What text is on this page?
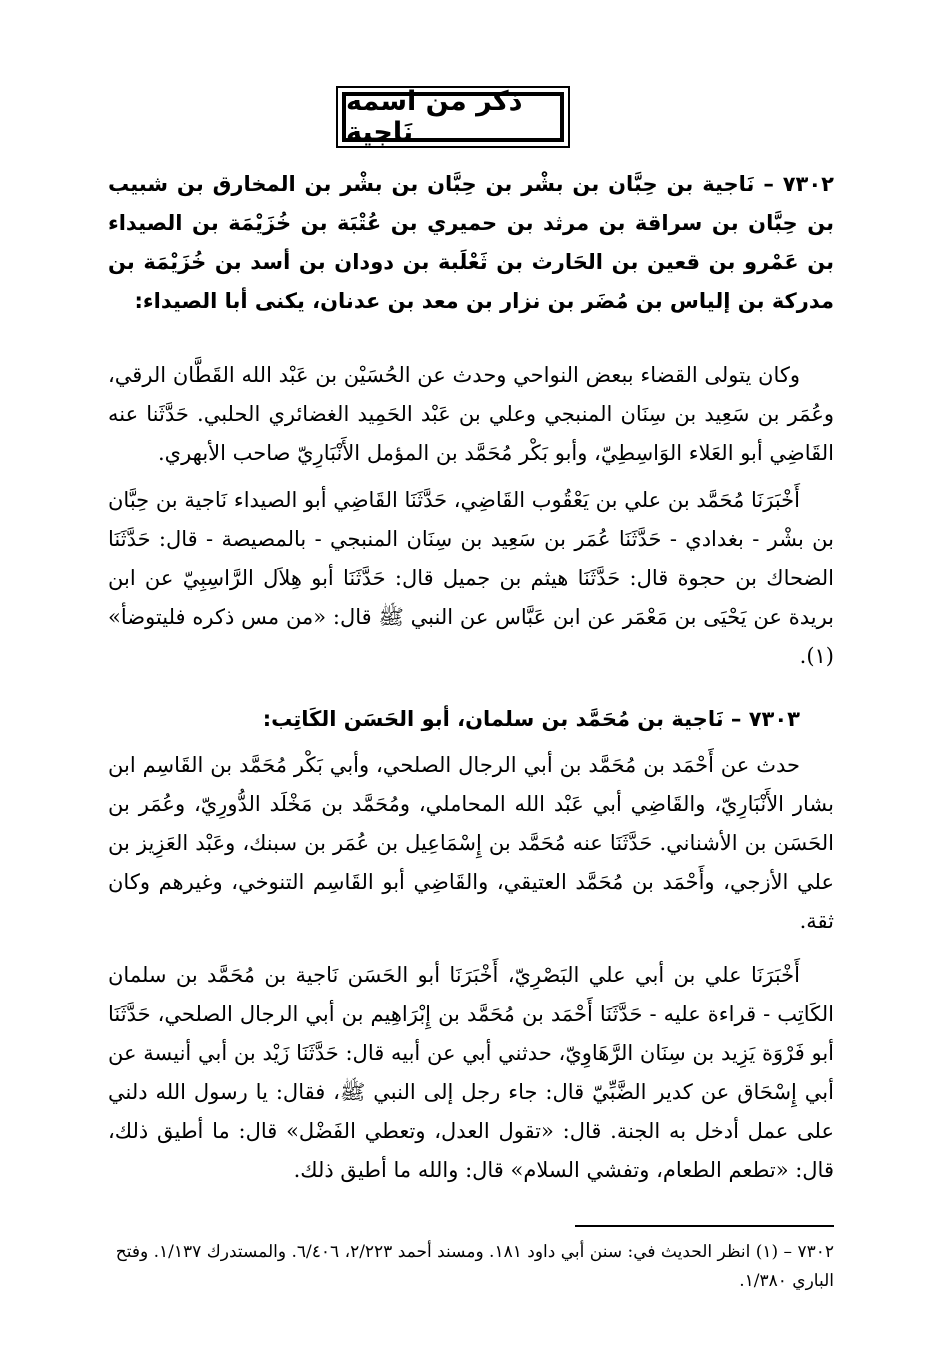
ذكر من اسمه نَاجية
٧٣٠٢ – نَاجية بن حِبَّان بن بشْر بن حِبَّان بن بشْر بن المخارق بن شبيب بن حِبَّان بن سراقة بن مرثد بن حميري بن عُتْبَة بن خُزَيْمَة بن الصيداء بن عَمْرو بن قعين بن الحَارث بن ثَعْلَبة بن دودان بن أسد بن خُزَيْمَة بن مدركة بن إلياس بن مُضَر بن نزار بن معد بن عدنان، يكنى أبا الصيداء:
وكان يتولى القضاء ببعض النواحي وحدث عن الحُسَيْن بن عَبْد الله القَطَّان الرقي، وعُمَر بن سَعِيد بن سِنَان المنبجي وعلي بن عَبْد الحَمِيد الغضائري الحلبي. حَدَّثَنا عنه القَاضِي أبو العَلاء الوَاسِطِيّ، وأبو بَكْر مُحَمَّد بن المؤمل الأَنْبَارِيّ صاحب الأبهري.
أَخْبَرَنَا مُحَمَّد بن علي بن يَعْقُوب القَاضِي، حَدَّثَنَا القَاضِي أبو الصيداء نَاجية بن حِبَّان بن بشْر - بغدادي - حَدَّثَنَا عُمَر بن سَعِيد بن سِنَان المنبجي - بالمصيصة - قال: حَدَّثَنَا الضحاك بن حجوة قال: حَدَّثَنَا هيثم بن جميل قال: حَدَّثَنَا أبو هِلاَل الرَّاسِبِيّ عن ابن بريدة عن يَحْيَى بن مَعْمَر عن ابن عَبَّاس عن النبي ﷺ قال: «من مس ذكره فليتوضأ» (١).
٧٣٠٣ – نَاجية بن مُحَمَّد بن سلمان، أبو الحَسَن الكَاتِب:
حدث عن أَحْمَد بن مُحَمَّد بن أبي الرجال الصلحي، وأبي بَكْر مُحَمَّد بن القَاسِم ابن بشار الأَنْبَارِيّ، والقَاضِي أبي عَبْد الله المحاملي، ومُحَمَّد بن مَخْلَد الدُّورِيّ، وعُمَر بن الحَسَن بن الأشناني. حَدَّثَنَا عنه مُحَمَّد بن إِسْمَاعِيل بن عُمَر بن سبنك، وعَبْد العَزِيز بن علي الأزجي، وأَحْمَد بن مُحَمَّد العتيقي، والقَاضِي أبو القَاسِم التنوخي، وغيرهم وكان ثقة.
أَخْبَرَنَا علي بن أبي علي البَصْرِيّ، أَخْبَرَنَا أبو الحَسَن نَاجية بن مُحَمَّد بن سلمان الكَاتِب - قراءة عليه - حَدَّثَنَا أَحْمَد بن مُحَمَّد بن إِبْرَاهِيم بن أبي الرجال الصلحي، حَدَّثَنَا أبو فَرْوَة يَزِيد بن سِنَان الرَّهَاوِيّ، حدثني أبي عن أبيه قال: حَدَّثَنَا زَيْد بن أبي أنيسة عن أبي إِسْحَاق عن كدير الضَّبِّيّ قال: جاء رجل إلى النبي ﷺ، فقال: يا رسول الله دلني على عمل أدخل به الجنة. قال: «تقول العدل، وتعطي الفَضْل» قال: ما أطيق ذلك، قال: «تطعم الطعام، وتفشي السلام» قال: والله ما أطيق ذلك.
٧٣٠٢ – (١) انظر الحديث في: سنن أبي داود ١٨١. ومسند أحمد ٢/٢٢٣، ٦/٤٠٦. والمستدرك ١/١٣٧. وفتح الباري ١/٣٨٠.
